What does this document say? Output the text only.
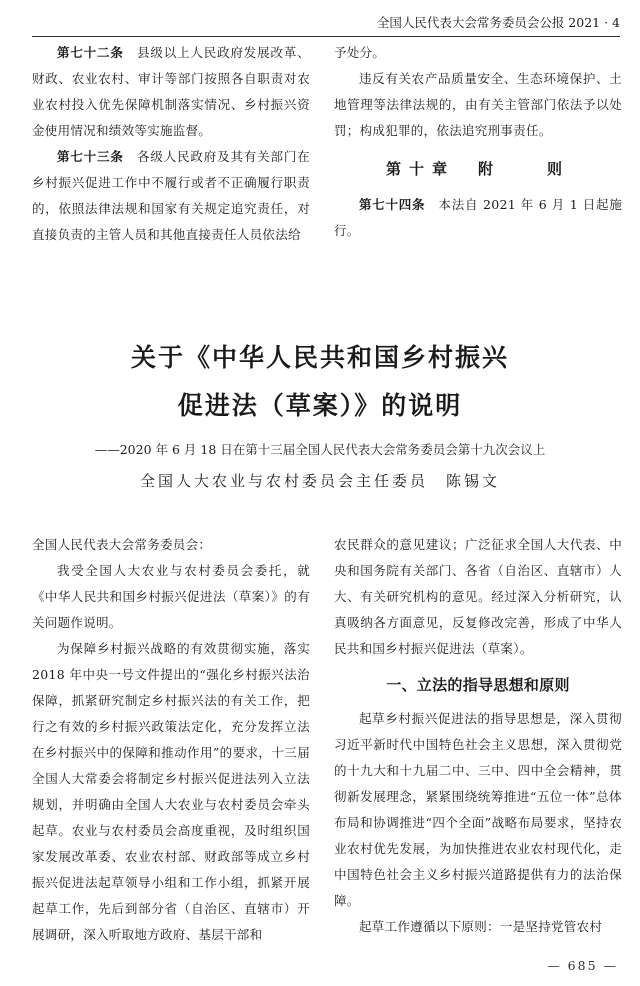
全国人民代表大会常务委员会公报 2021 · 4

第七十二条　 县级以上人民政府发展改革、财政、农业农村、审计等部门按照各自职责对农业农村投入优先保障机制落实情况、乡村振兴资金使用情况和绩效等实施监督。

第七十三条　 各级人民政府及其有关部门在乡村振兴促进工作中不履行或者不正确履行职责的，依照法律法规和国家有关规定追究责任，对直接负责的主管人员和其他直接责任人员依法给

予处分。

违反有关农产品质量安全、生态环境保护、土地管理等法律法规的，由有关主管部门依法予以处罚；构成犯罪的，依法追究刑事责任。

第十章　附　　则

第七十四条　 本法自 2021 年 6 月 1 日起施行。

关于《中华人民共和国乡村振兴
促进法（草案）》的说明
——2020 年 6 月 18 日在第十三届全国人民代表大会常务委员会第十九次会议上
全国人大农业与农村委员会主任委员　陈锡文

全国人民代表大会常务委员会：

我受全国人大农业与农村委员会委托，就《中华人民共和国乡村振兴促进法（草案）》的有关问题作说明。

为保障乡村振兴战略的有效贯彻实施，落实 2018 年中央一号文件提出的“强化乡村振兴法治保障，抓紧研究制定乡村振兴法的有关工作，把行之有效的乡村振兴政策法定化，充分发挥立法在乡村振兴中的保障和推动作用”的要求，十三届全国人大常委会将制定乡村振兴促进法列入立法规划，并明确由全国人大农业与农村委员会牵头起草。农业与农村委员会高度重视，及时组织国家发展改革委、农业农村部、财政部等成立乡村振兴促进法起草领导小组和工作小组，抓紧开展起草工作，先后到部分省（自治区、直辖市）开展调研，深入听取地方政府、基层干部和

农民群众的意见建议；广泛征求全国人大代表、中央和国务院有关部门、各省（自治区、直辖市）人大、有关研究机构的意见。经过深入分析研究，认真吸纳各方面意见，反复修改完善，形成了中华人民共和国乡村振兴促进法（草案）。

一、立法的指导思想和原则

起草乡村振兴促进法的指导思想是，深入贯彻习近平新时代中国特色社会主义思想，深入贯彻党的十九大和十九届二中、三中、四中全会精神，贯彻新发展理念，紧紧围绕统筹推进“五位一体”总体布局和协调推进“四个全面”战略布局要求，坚持农业农村优先发展，为加快推进农业农村现代化，走中国特色社会主义乡村振兴道路提供有力的法治保障。

起草工作遵循以下原则：一是坚持党管农村

— 685 —
